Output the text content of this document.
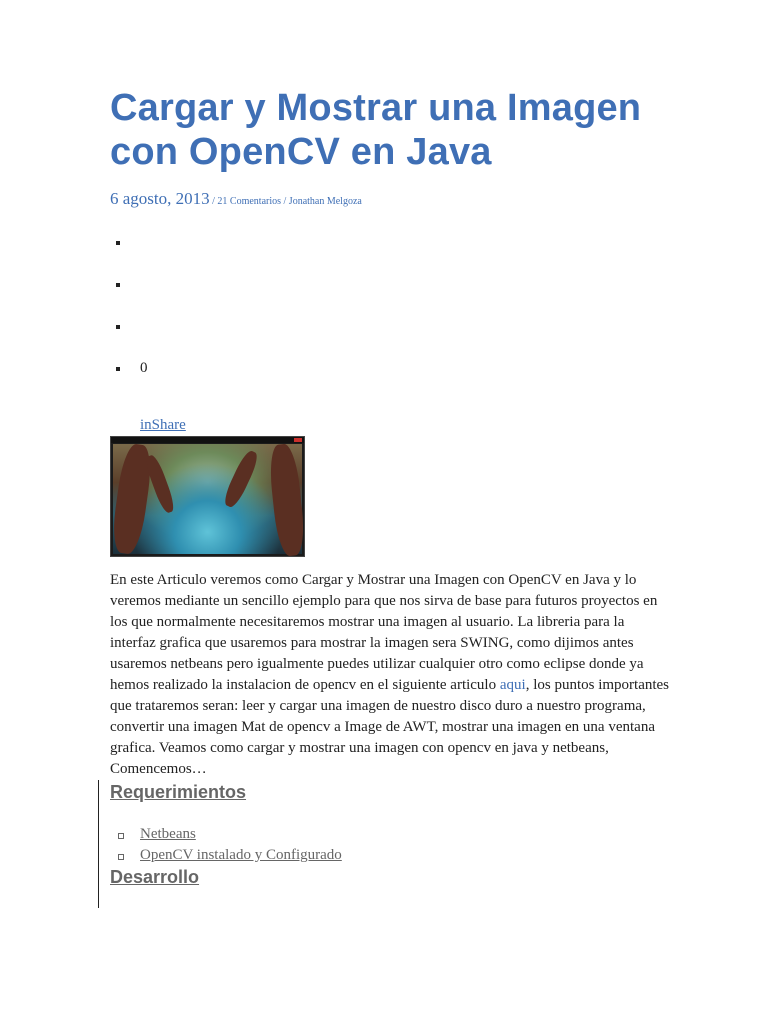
Cargar y Mostrar una Imagen con OpenCV en Java
6 agosto, 2013 / 21 Comentarios / Jonathan Melgoza
0
inShare
En este Articulo veremos como Cargar y Mostrar una Imagen con OpenCV en Java y lo veremos mediante un sencillo ejemplo para que nos sirva de base para futuros proyectos en los que normalmente necesitaremos mostrar una imagen al usuario. La libreria para la interfaz grafica que usaremos para mostrar la imagen sera SWING, como dijimos antes usaremos netbeans pero igualmente puedes utilizar cualquier otro como eclipse donde ya hemos realizado la instalacion de opencv en el siguiente articulo aqui, los puntos importantes que trataremos seran: leer y cargar una imagen de nuestro disco duro a nuestro programa, convertir una imagen Mat de opencv a Image de AWT, mostrar una imagen en una ventana grafica. Veamos como cargar y mostrar una imagen con opencv en java y netbeans, Comencemos…
Requerimientos
Netbeans
OpenCV instalado y Configurado
Desarrollo
